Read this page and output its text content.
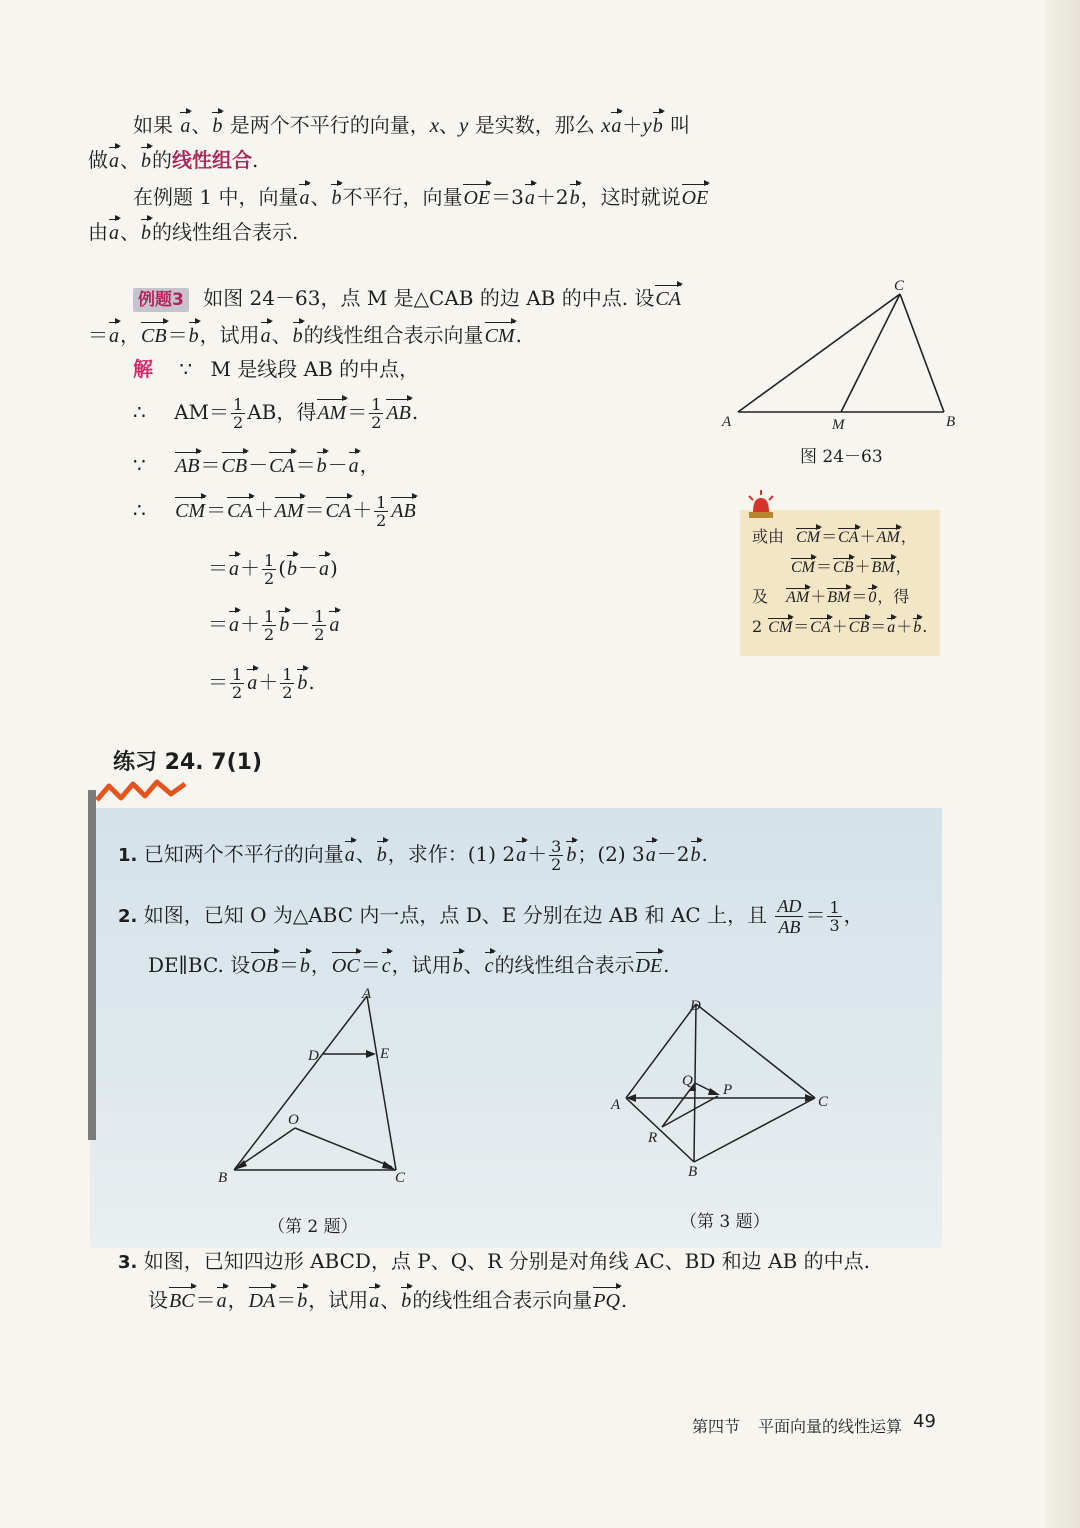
如果 a、b 是两个不平行的向量，x、y 是实数，那么 xa＋yb 叫
做a、b的线性组合.
在例题 1 中，向量a、b不平行，向量OE＝3a＋2b，这时就说OE
由a、b的线性组合表示.
例题3 如图 24－63，点 M 是△CAB 的边 AB 的中点. 设CA
＝a，CB＝b，试用a、b的线性组合表示向量CM.
解 ∵ M 是线段 AB 的中点，
∴ $AM= \frac{1}{2}$ AB，得$AM= \frac{1}{2}$ AB.
∵ AB＝CB－CA＝b－a，
∴ $CM=CA+AM=CA+ \frac{1}{2}$ AB
$=a+ \frac{1}{2} (b-a)$
$=a+ \frac{1}{2} b- \frac{1}{2}$ a
＝ $\frac{1}{2} a+ \frac{1}{2} b$.
A	B
C
M
图 24－63
或由 CM＝CA＋AM，
CM＝CB＋BM，
及 AM＋BM＝0，得
2 CM＝CA＋CB＝a＋b.
练习 24. 7(1)
1. 已知两个不平行的向量a、b，求作：(1) $2a+ \frac{3}{2}$ b；(2) 3a－2b.
2. 如图，已知 O 为△ABC 内一点，点 D、E 分别在边 AB 和 AC 上，且 $\frac{AD}{AB} = \frac{1}{3}$ ，
DE∥BC. 设OB＝b，OC＝c，试用b、c的线性组合表示DE.
A
D	E
O
B	C
（第 2 题）
D
A	C
B
Q
P
R
（第 3 题）
3. 如图，已知四边形 ABCD，点 P、Q、R 分别是对角线 AC、BD 和边 AB 的中点.
设BC＝a，DA＝b，试用a、b的线性组合表示向量PQ.
第四节 平面向量的线性运算 49
